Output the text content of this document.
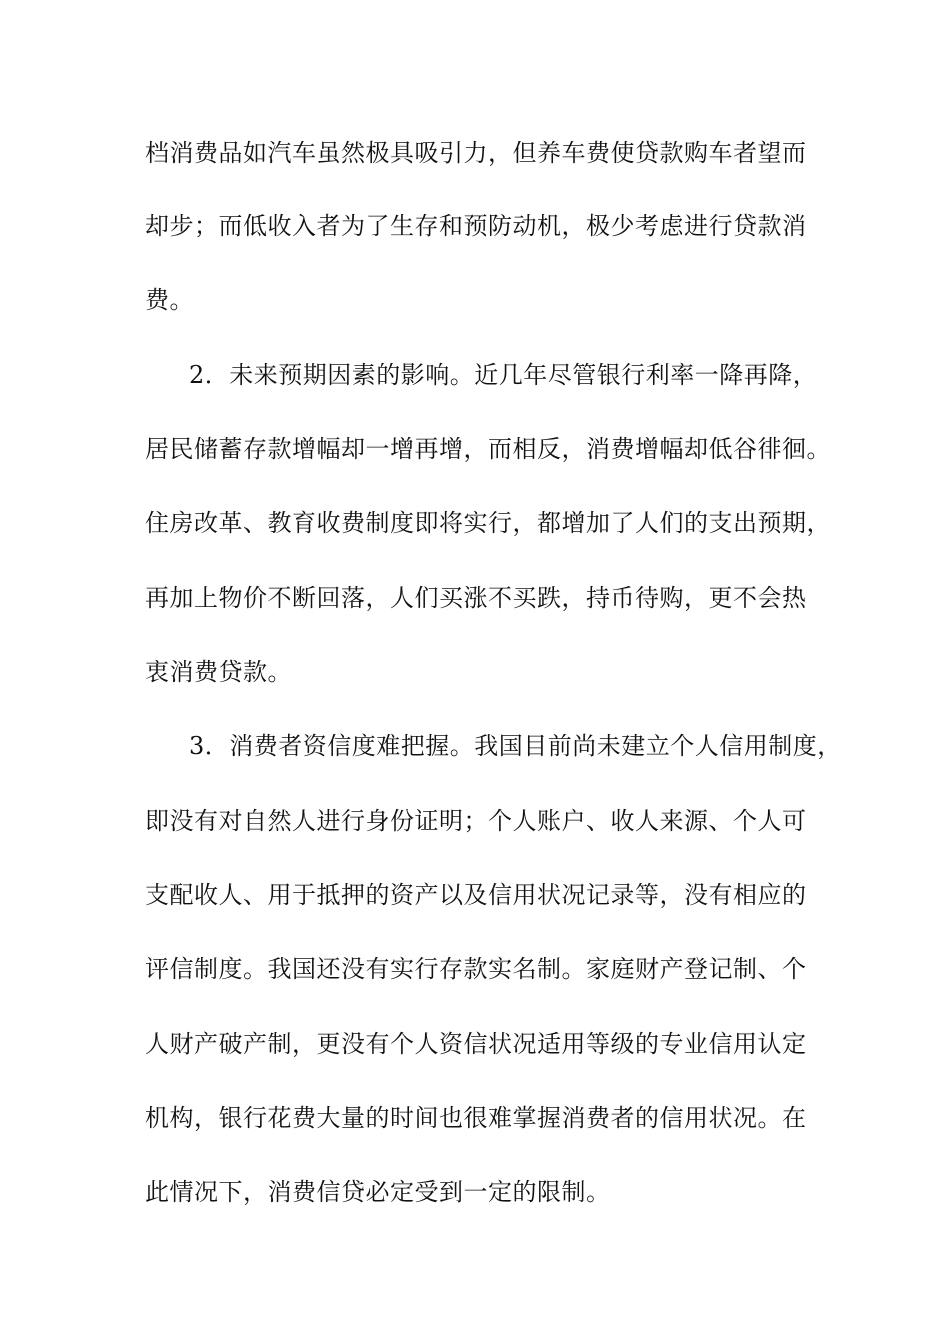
档消费品如汽车虽然极具吸引力，但养车费使贷款购车者望而
却步；而低收入者为了生存和预防动机，极少考虑进行贷款消
费。
2．未来预期因素的影响。近几年尽管银行利率一降再降，
居民储蓄存款增幅却一增再增，而相反，消费增幅却低谷徘徊。
住房改革、教育收费制度即将实行，都增加了人们的支出预期，
再加上物价不断回落，人们买涨不买跌，持币待购，更不会热
衷消费贷款。
3．消费者资信度难把握。我国目前尚未建立个人信用制度，
即没有对自然人进行身份证明；个人账户、收人来源、个人可
支配收人、用于抵押的资产以及信用状况记录等，没有相应的
评信制度。我国还没有实行存款实名制。家庭财产登记制、个
人财产破产制，更没有个人资信状况适用等级的专业信用认定
机构，银行花费大量的时间也很难掌握消费者的信用状况。在
此情况下，消费信贷必定受到一定的限制。
